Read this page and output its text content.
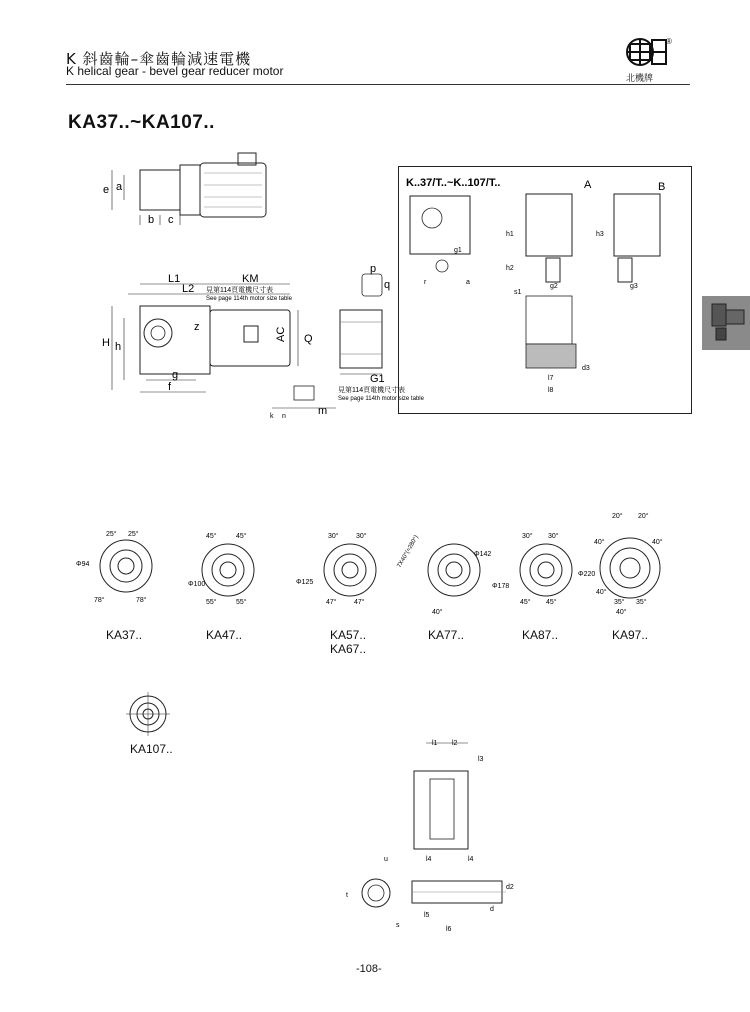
K 斜齒輪–傘齒輪減速電機
K helical gear - bevel gear reducer motor
®
北機牌
KA37..~KA107..
e a
b c
L1
L2
KM
見第114頁電機尺寸表
See page 114th motor size table
H h
g
f
AC Q
z
k n	m
p
q
G1
見第114頁電機尺寸表
See page 114th motor size table
K..37/T..~K..107/T..	A	B
g1
r	a
h1
h2
s1
g2
h3
g3
l7
l8
d3
Φ94
25° 25°
78°	78°
Φ100
45°	45°
55°	55°
Φ125
30° 30°
47° 47°
Φ142
7X40°(=280°)
40°
Φ178
30° 30°
45° 45°
Φ220
20° 20°
40°	40°
40°
35° 35°
40°
KA37..	KA47..	KA57..
KA67..
KA77..	KA87..	KA97..
KA107..	l1 l2
l3
u
t
l4	l4
l5
l6
s
d2
d
-108-
